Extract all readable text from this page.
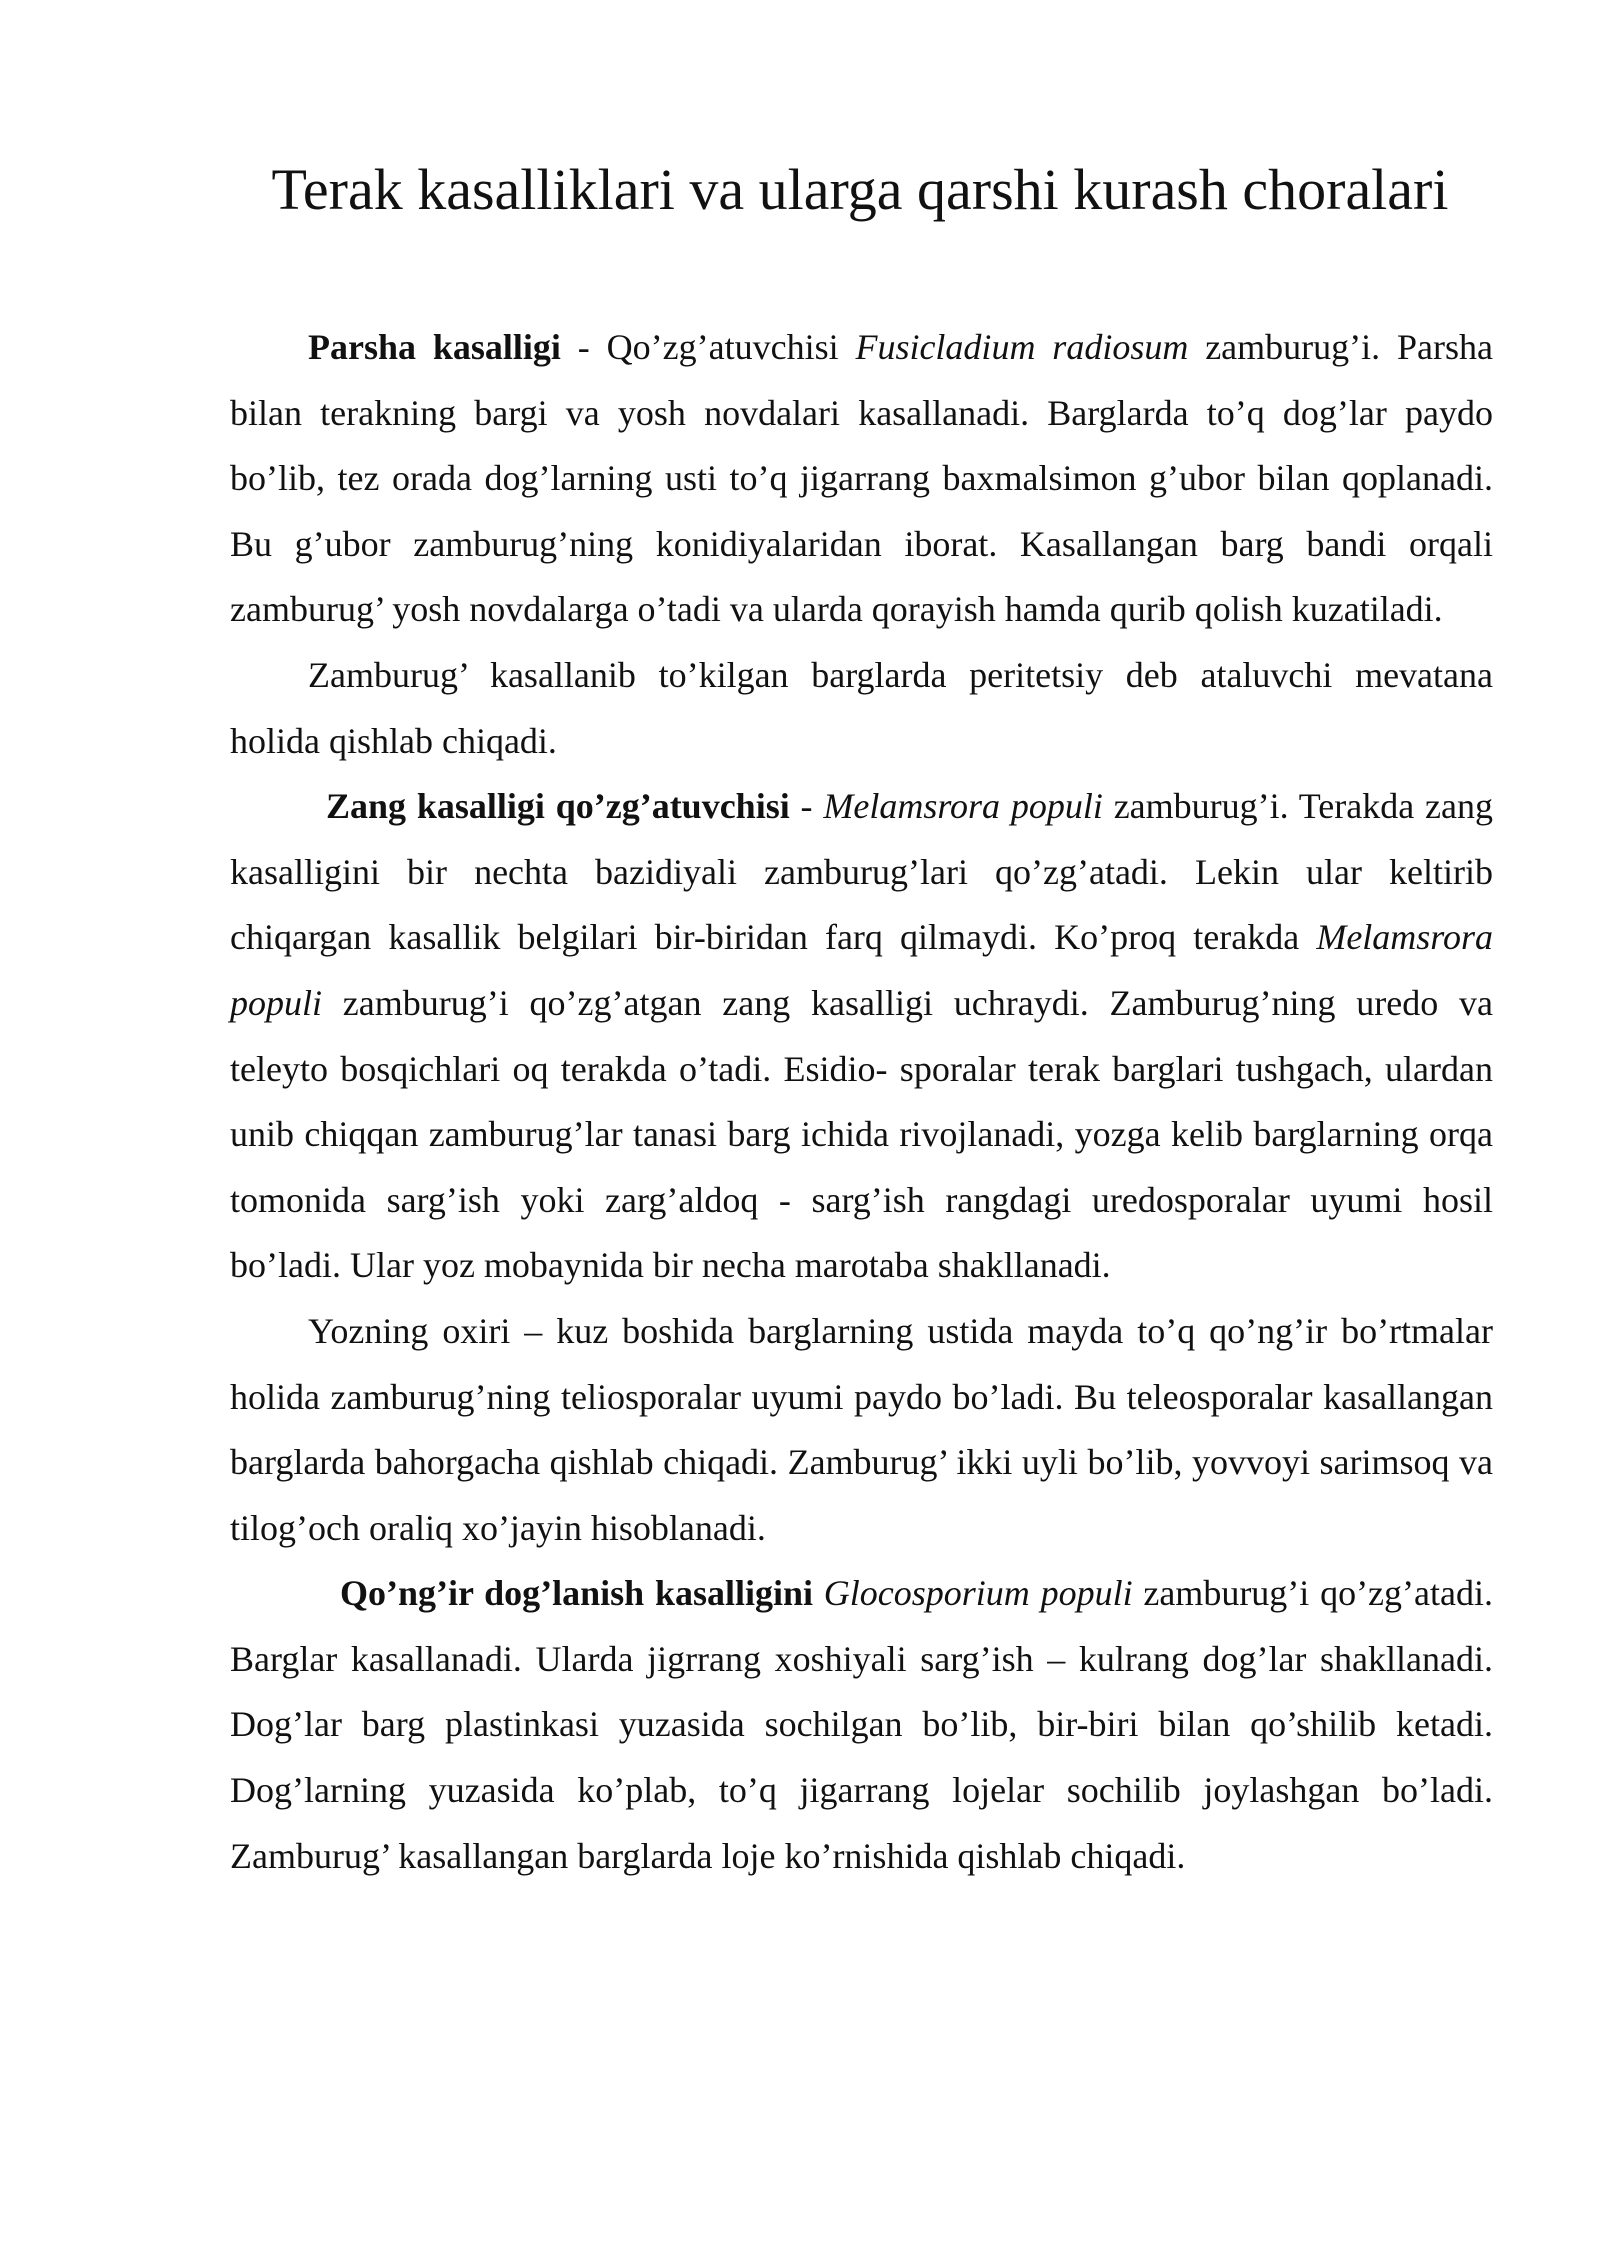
Terak kasalliklari va ularga qarshi kurash choralari

Parsha kasalligi - Qo’zg’atuvchisi Fusicladium radiosum zamburug’i. Parsha bilan terakning bargi va yosh novdalari kasallanadi. Barglarda to’q dog’lar paydo bo’lib, tez orada dog’larning usti to’q jigarrang baxmalsimon g’ubor bilan qoplanadi. Bu g’ubor zamburug’ning konidiyalaridan iborat. Kasallangan barg bandi orqali zamburug’ yosh novdalarga o’tadi va ularda qorayish hamda qurib qolish kuzatiladi.

Zamburug’ kasallanib to’kilgan barglarda peritetsiy deb ataluvchi mevatana holida qishlab chiqadi.

Zang kasalligi qo’zg’atuvchisi - Melamsrora populi zamburug’i. Terakda zang kasalligini bir nechta bazidiyali zamburug’lari qo’zg’atadi. Lekin ular keltirib chiqargan kasallik belgilari bir-biridan farq qilmaydi. Ko’proq terakda Melamsrora populi zamburug’i qo’zg’atgan zang kasalligi uchraydi. Zamburug’ning uredo va teleyto bosqichlari oq terakda o’tadi. Esidio- sporalar terak barglari tushgach, ulardan unib chiqqan zamburug’lar tanasi barg ichida rivojlanadi, yozga kelib barglarning orqa tomonida sarg’ish yoki zarg’aldoq - sarg’ish rangdagi uredosporalar uyumi hosil bo’ladi. Ular yoz mobaynida bir necha marotaba shakllanadi.

Yozning oxiri – kuz boshida barglarning ustida mayda to’q qo’ng’ir bo’rtmalar holida zamburug’ning teliosporalar uyumi paydo bo’ladi. Bu teleosporalar kasallangan barglarda bahorgacha qishlab chiqadi. Zamburug’ ikki uyli bo’lib, yovvoyi sarimsoq va tilog’och oraliq xo’jayin hisoblanadi.

Qo’ng’ir dog’lanish kasalligini Glocosporium populi zamburug’i qo’zg’atadi. Barglar kasallanadi. Ularda jigrrang xoshiyali sarg’ish – kulrang dog’lar shakllanadi. Dog’lar barg plastinkasi yuzasida sochilgan bo’lib, bir-biri bilan qo’shilib ketadi. Dog’larning yuzasida ko’plab, to’q jigarrang lojelar sochilib joylashgan bo’ladi. Zamburug’ kasallangan barglarda loje ko’rnishida qishlab chiqadi.
